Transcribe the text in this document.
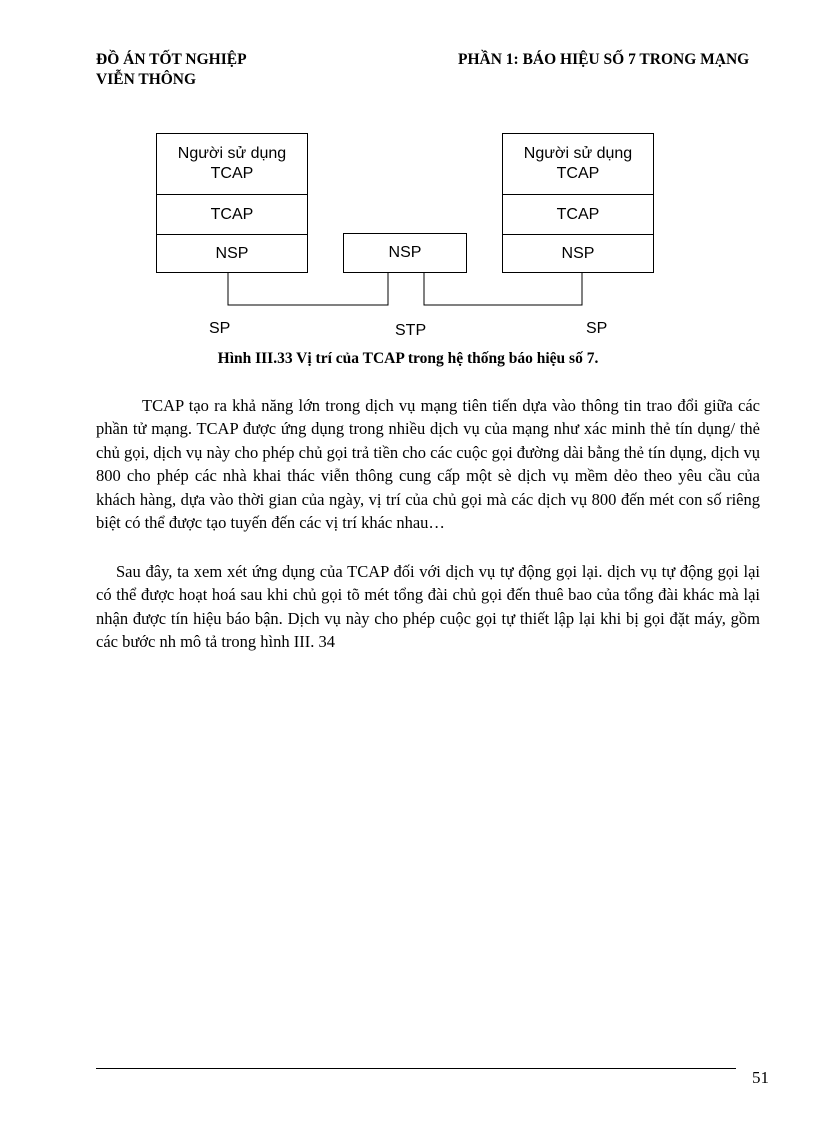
ĐỒ ÁN TỐT NGHIỆP
VIỄN THÔNG
PHẦN 1: BÁO HIỆU SỐ 7 TRONG MẠNG
Người sử dụng TCAP
TCAP
NSP	NSP
Người sử dụng TCAP
TCAP
NSP
SP	STP	SP
Hình III.33 Vị trí của TCAP trong hệ thống báo hiệu số 7.

TCAP tạo ra khả năng lớn trong dịch vụ mạng tiên tiến dựa vào thông tin trao đổi giữa các phần tử mạng. TCAP được ứng dụng trong nhiều dịch vụ của mạng như xác minh thẻ tín dụng/ thẻ chủ gọi, dịch vụ này cho phép chủ gọi trả tiền cho các cuộc gọi đường dài bằng thẻ tín dụng, dịch vụ 800 cho phép các nhà khai thác viễn thông cung cấp một sè dịch vụ mềm dẻo theo yêu cầu của khách hàng, dựa vào thời gian của ngày, vị trí của chủ gọi mà các dịch vụ 800 đến mét con số riêng biệt có thể được tạo tuyến đến các vị trí khác nhau…

Sau đây, ta xem xét ứng dụng của TCAP đối với dịch vụ tự động gọi lại. dịch vụ tự động gọi lại có thể được hoạt hoá sau khi chủ gọi tõ mét tổng đài chủ gọi đến thuê bao của tổng đài khác mà lại nhận được tín hiệu báo bận. Dịch vụ này cho phép cuộc gọi tự thiết lập lại khi bị gọi đặt máy, gồm các bước nh mô tả trong hình III. 34

51
